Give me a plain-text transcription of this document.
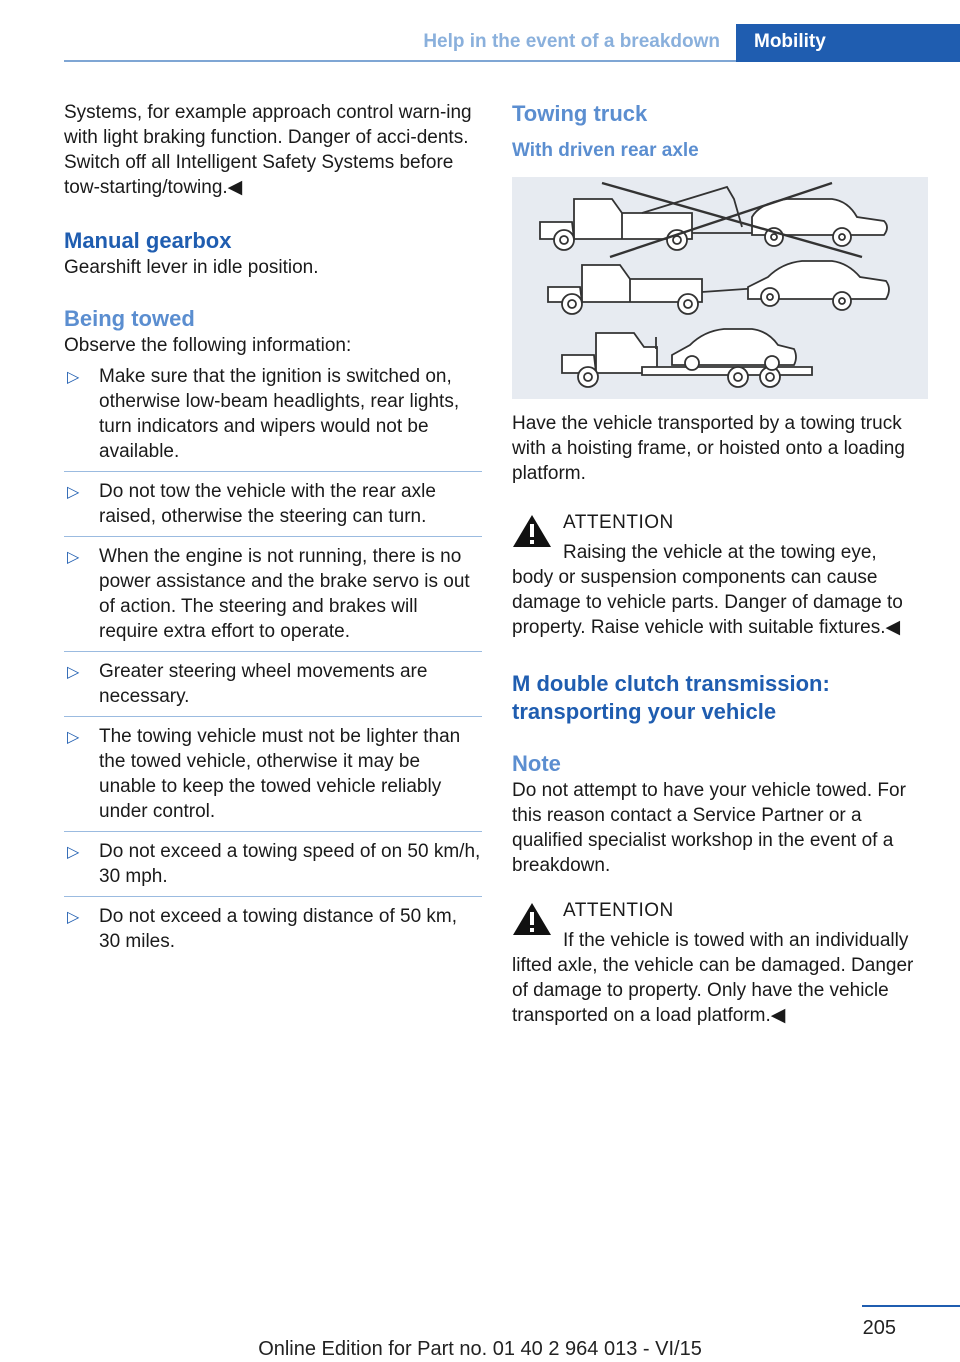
Help in the event of a breakdown	Mobility

Systems, for example approach control warn‐ing with light braking function. Danger of acci‐dents. Switch off all Intelligent Safety Systems before tow-starting/towing.◀

Manual gearbox

Gearshift lever in idle position.

Being towed

Observe the following information:

▷ Make sure that the ignition is switched on, otherwise low-beam headlights, rear lights, turn indicators and wipers would not be available.
▷ Do not tow the vehicle with the rear axle raised, otherwise the steering can turn.
▷ When the engine is not running, there is no power assistance and the brake servo is out of action. The steering and brakes will require extra effort to operate.
▷ Greater steering wheel movements are necessary.
▷ The towing vehicle must not be lighter than the towed vehicle, otherwise it may be unable to keep the towed vehicle reliably under control.
▷ Do not exceed a towing speed of on 50 km/h, 30 mph.
▷ Do not exceed a towing distance of 50 km, 30 miles.

Towing truck

With driven rear axle

Have the vehicle transported by a towing truck with a hoisting frame, or hoisted onto a loading platform.

ATTENTION

Raising the vehicle at the towing eye,

body or suspension components can cause damage to vehicle parts. Danger of damage to property. Raise vehicle with suitable fixtures.◀

M double clutch transmission: transporting your vehicle

Note

Do not attempt to have your vehicle towed. For this reason contact a Service Partner or a qualified specialist workshop in the event of a breakdown.

ATTENTION

If the vehicle is towed with an individually

lifted axle, the vehicle can be damaged. Danger of damage to property. Only have the vehicle transported on a load platform.◀

205
Online Edition for Part no. 01 40 2 964 013 - VI/15
